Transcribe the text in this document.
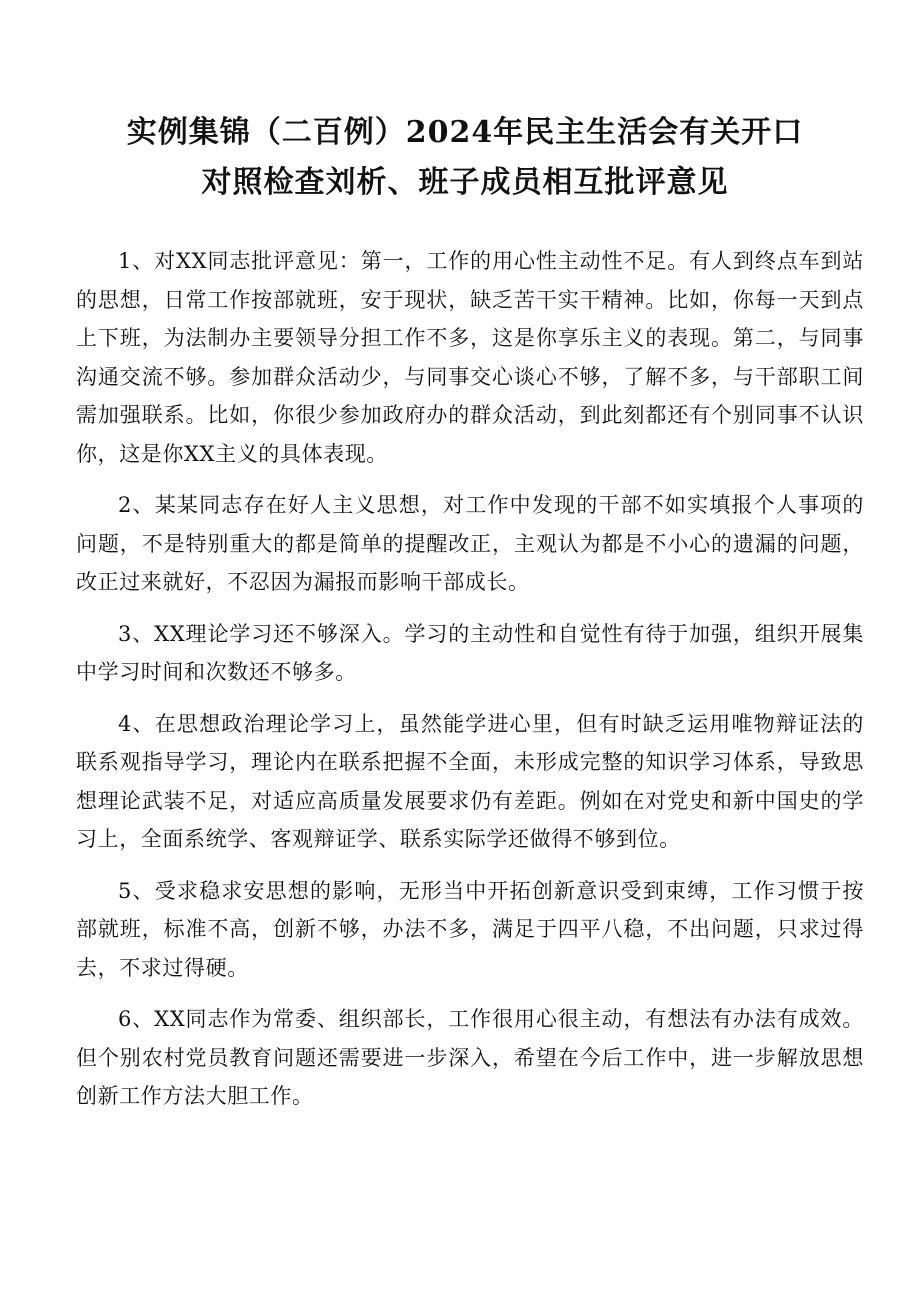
实例集锦（二百例）2024年民主生活会有关开口
对照检查刘析、班子成员相互批评意见

1、对XX同志批评意见：第一，工作的用心性主动性不足。有人到终点车到站的思想，日常工作按部就班，安于现状，缺乏苦干实干精神。比如，你每一天到点上下班，为法制办主要领导分担工作不多，这是你享乐主义的表现。第二，与同事沟通交流不够。参加群众活动少，与同事交心谈心不够，了解不多，与干部职工间需加强联系。比如，你很少参加政府办的群众活动，到此刻都还有个别同事不认识你，这是你XX主义的具体表现。

2、某某同志存在好人主义思想，对工作中发现的干部不如实填报个人事项的问题，不是特别重大的都是简单的提醒改正，主观认为都是不小心的遗漏的问题，改正过来就好，不忍因为漏报而影响干部成长。

3、XX理论学习还不够深入。学习的主动性和自觉性有待于加强，组织开展集中学习时间和次数还不够多。

4、在思想政治理论学习上，虽然能学进心里，但有时缺乏运用唯物辩证法的联系观指导学习，理论内在联系把握不全面，未形成完整的知识学习体系，导致思想理论武装不足，对适应高质量发展要求仍有差距。例如在对党史和新中国史的学习上，全面系统学、客观辩证学、联系实际学还做得不够到位。

5、受求稳求安思想的影响，无形当中开拓创新意识受到束缚，工作习惯于按部就班，标准不高，创新不够，办法不多，满足于四平八稳，不出问题，只求过得去，不求过得硬。

6、XX同志作为常委、组织部长，工作很用心很主动，有想法有办法有成效。但个别农村党员教育问题还需要进一步深入，希望在今后工作中，进一步解放思想创新工作方法大胆工作。
